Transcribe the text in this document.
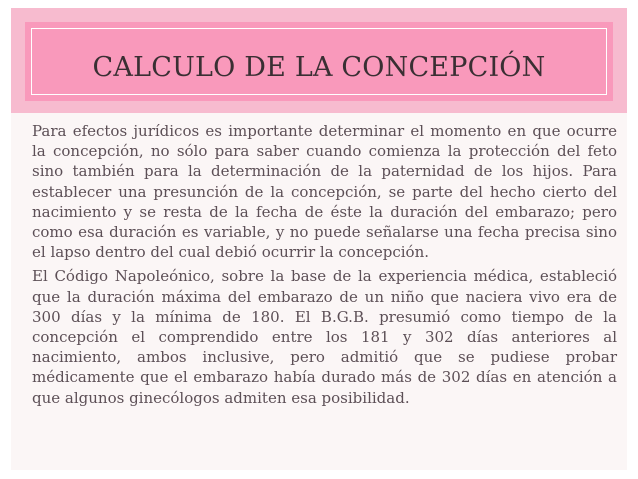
CALCULO DE LA CONCEPCIÓN

Para efectos jurídicos es importante determinar el momento en que ocurre la concepción, no sólo para saber cuando comienza la protección del feto sino también para la determinación de la paternidad de los hijos. Para establecer una presunción de la concepción, se parte del hecho cierto del nacimiento y se resta de la fecha de éste la duración del embarazo; pero como esa duración es variable, y no puede señalarse una fecha precisa sino el lapso dentro del cual debió ocurrir la concepción.

El Código Napoleónico, sobre la base de la experiencia médica, estableció que la duración máxima del embarazo de un niño que naciera vivo era de 300 días y la mínima de 180. El B.G.B. presumió como tiempo de la concepción el comprendido entre los 181 y 302 días anteriores al nacimiento, ambos inclusive, pero admitió que se pudiese probar médicamente que el embarazo había durado más de 302 días en atención a que algunos ginecólogos admiten esa posibilidad.
